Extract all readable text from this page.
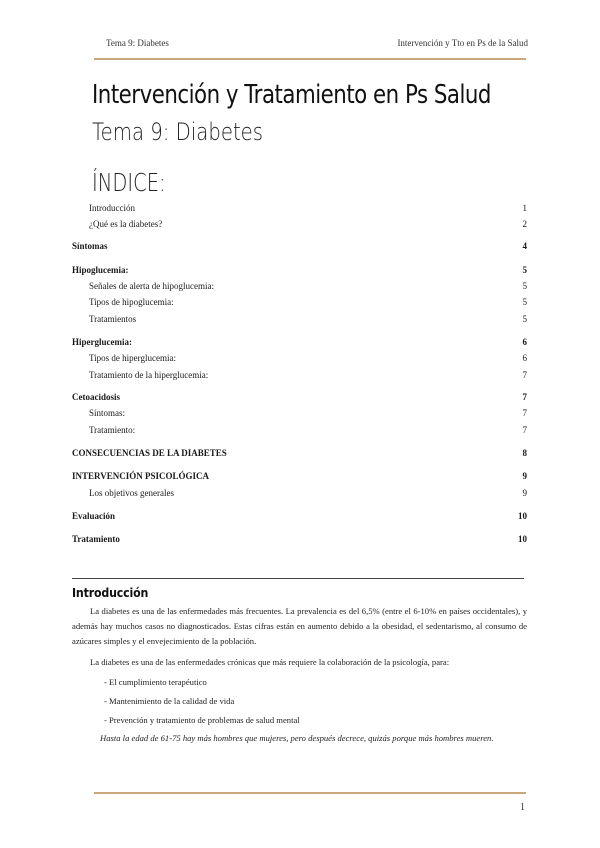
Tema 9: Diabetes	Intervención y Tto en Ps de la Salud
Intervención y Tratamiento en Ps Salud
Tema 9: Diabetes
ÍNDICE:
Introducción	1
¿Qué es la diabetes?	2
Síntomas	4
Hipoglucemia:	5
Señales de alerta de hipoglucemia:	5
Tipos de hipoglucemia:	5
Tratamientos	5
Hiperglucemia:	6
Tipos de hiperglucemia:	6
Tratamiento de la hiperglucemia:	7
Cetoacidosis	7
Síntomas:	7
Tratamiento:	7
CONSECUENCIAS DE LA DIABETES	8
INTERVENCIÓN PSICOLÓGICA	9
Los objetivos generales	9
Evaluación	10
Tratamiento	10
Introducción
La diabetes es una de las enfermedades más frecuentes. La prevalencia es del 6,5% (entre el 6-10% en países occidentales), y además hay muchos casos no diagnosticados. Estas cifras están en aumento debido a la obesidad, el sedentarismo, al consumo de azúcares simples y el envejecimiento de la población.
La diabetes es una de las enfermedades crónicas que más requiere la colaboración de la psicología, para:
- El cumplimiento terapéutico
- Mantenimiento de la calidad de vida
- Prevención y tratamiento de problemas de salud mental
Hasta la edad de 61-75 hay más hombres que mujeres, pero después decrece, quizás porque más hombres mueren.
1
